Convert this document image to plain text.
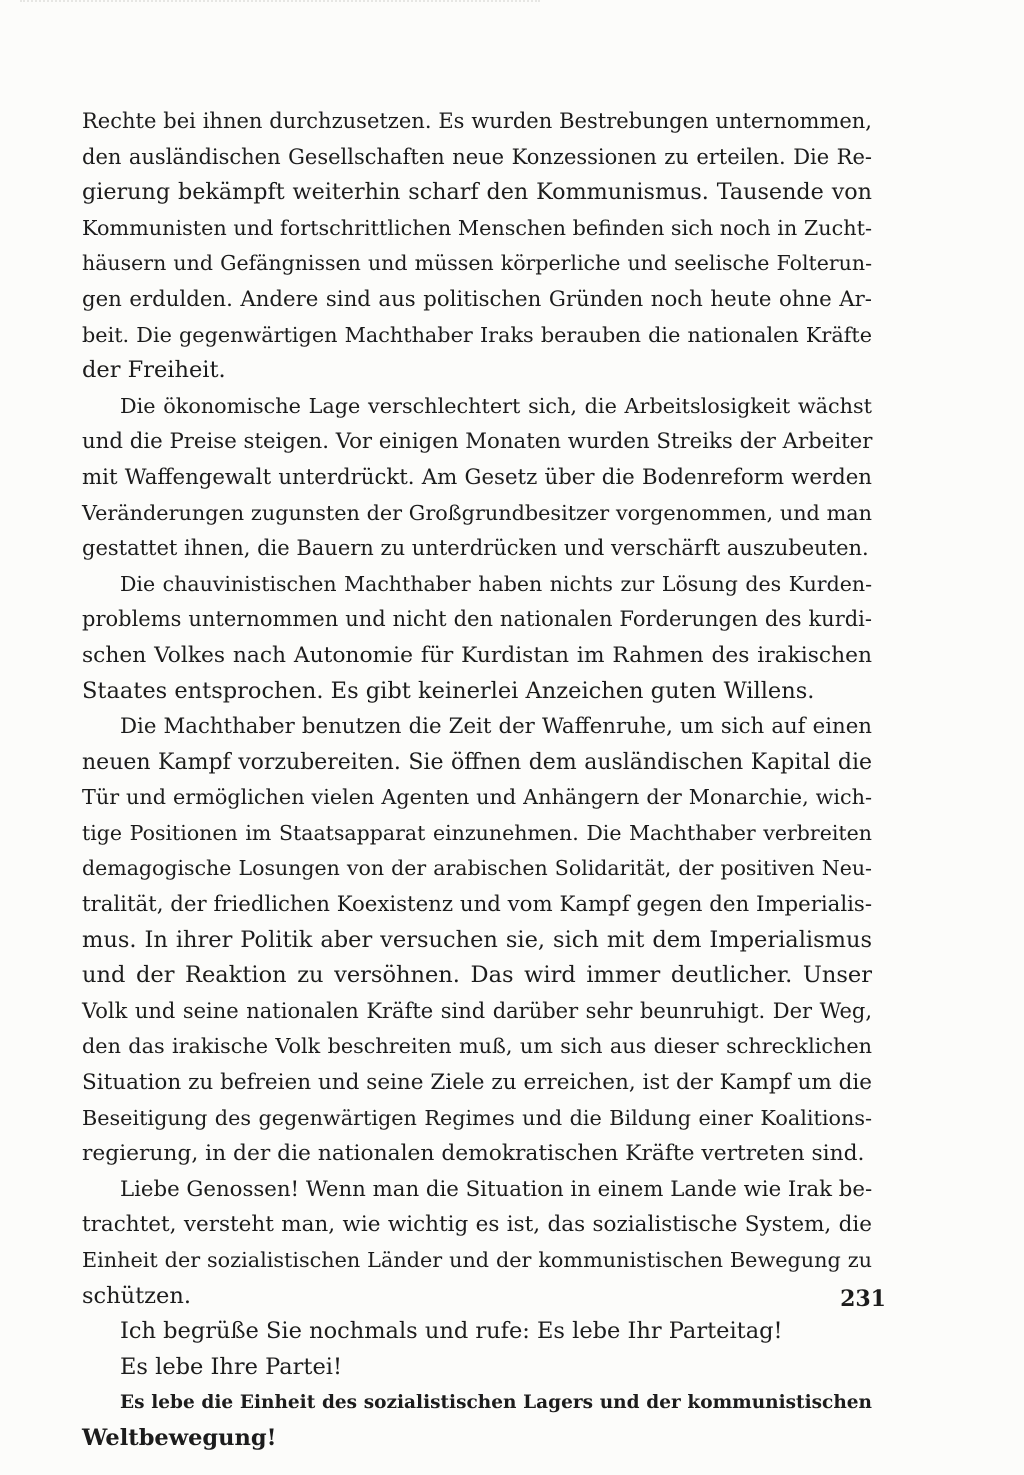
Rechte bei ihnen durchzusetzen. Es wurden Bestrebungen unternommen,
den ausländischen Gesellschaften neue Konzessionen zu erteilen. Die Re-
gierung bekämpft weiterhin scharf den Kommunismus. Tausende von
Kommunisten und fortschrittlichen Menschen befinden sich noch in Zucht-
häusern und Gefängnissen und müssen körperliche und seelische Folterun-
gen erdulden. Andere sind aus politischen Gründen noch heute ohne Ar-
beit. Die gegenwärtigen Machthaber Iraks berauben die nationalen Kräfte
der Freiheit.
Die ökonomische Lage verschlechtert sich, die Arbeitslosigkeit wächst
und die Preise steigen. Vor einigen Monaten wurden Streiks der Arbeiter
mit Waffengewalt unterdrückt. Am Gesetz über die Bodenreform werden
Veränderungen zugunsten der Großgrundbesitzer vorgenommen, und man
gestattet ihnen, die Bauern zu unterdrücken und verschärft auszubeuten.
Die chauvinistischen Machthaber haben nichts zur Lösung des Kurden-
problems unternommen und nicht den nationalen Forderungen des kurdi-
schen Volkes nach Autonomie für Kurdistan im Rahmen des irakischen
Staates entsprochen. Es gibt keinerlei Anzeichen guten Willens.
Die Machthaber benutzen die Zeit der Waffenruhe, um sich auf einen
neuen Kampf vorzubereiten. Sie öffnen dem ausländischen Kapital die
Tür und ermöglichen vielen Agenten und Anhängern der Monarchie, wich-
tige Positionen im Staatsapparat einzunehmen. Die Machthaber verbreiten
demagogische Losungen von der arabischen Solidarität, der positiven Neu-
tralität, der friedlichen Koexistenz und vom Kampf gegen den Imperialis-
mus. In ihrer Politik aber versuchen sie, sich mit dem Imperialismus
und der Reaktion zu versöhnen. Das wird immer deutlicher. Unser
Volk und seine nationalen Kräfte sind darüber sehr beunruhigt. Der Weg,
den das irakische Volk beschreiten muß, um sich aus dieser schrecklichen
Situation zu befreien und seine Ziele zu erreichen, ist der Kampf um die
Beseitigung des gegenwärtigen Regimes und die Bildung einer Koalitions-
regierung, in der die nationalen demokratischen Kräfte vertreten sind.
Liebe Genossen! Wenn man die Situation in einem Lande wie Irak be-
trachtet, versteht man, wie wichtig es ist, das sozialistische System, die
Einheit der sozialistischen Länder und der kommunistischen Bewegung zu
schützen.
Ich begrüße Sie nochmals und rufe: Es lebe Ihr Parteitag!
Es lebe Ihre Partei!
Es lebe die Einheit des sozialistischen Lagers und der kommunistischen
Weltbewegung!
231
